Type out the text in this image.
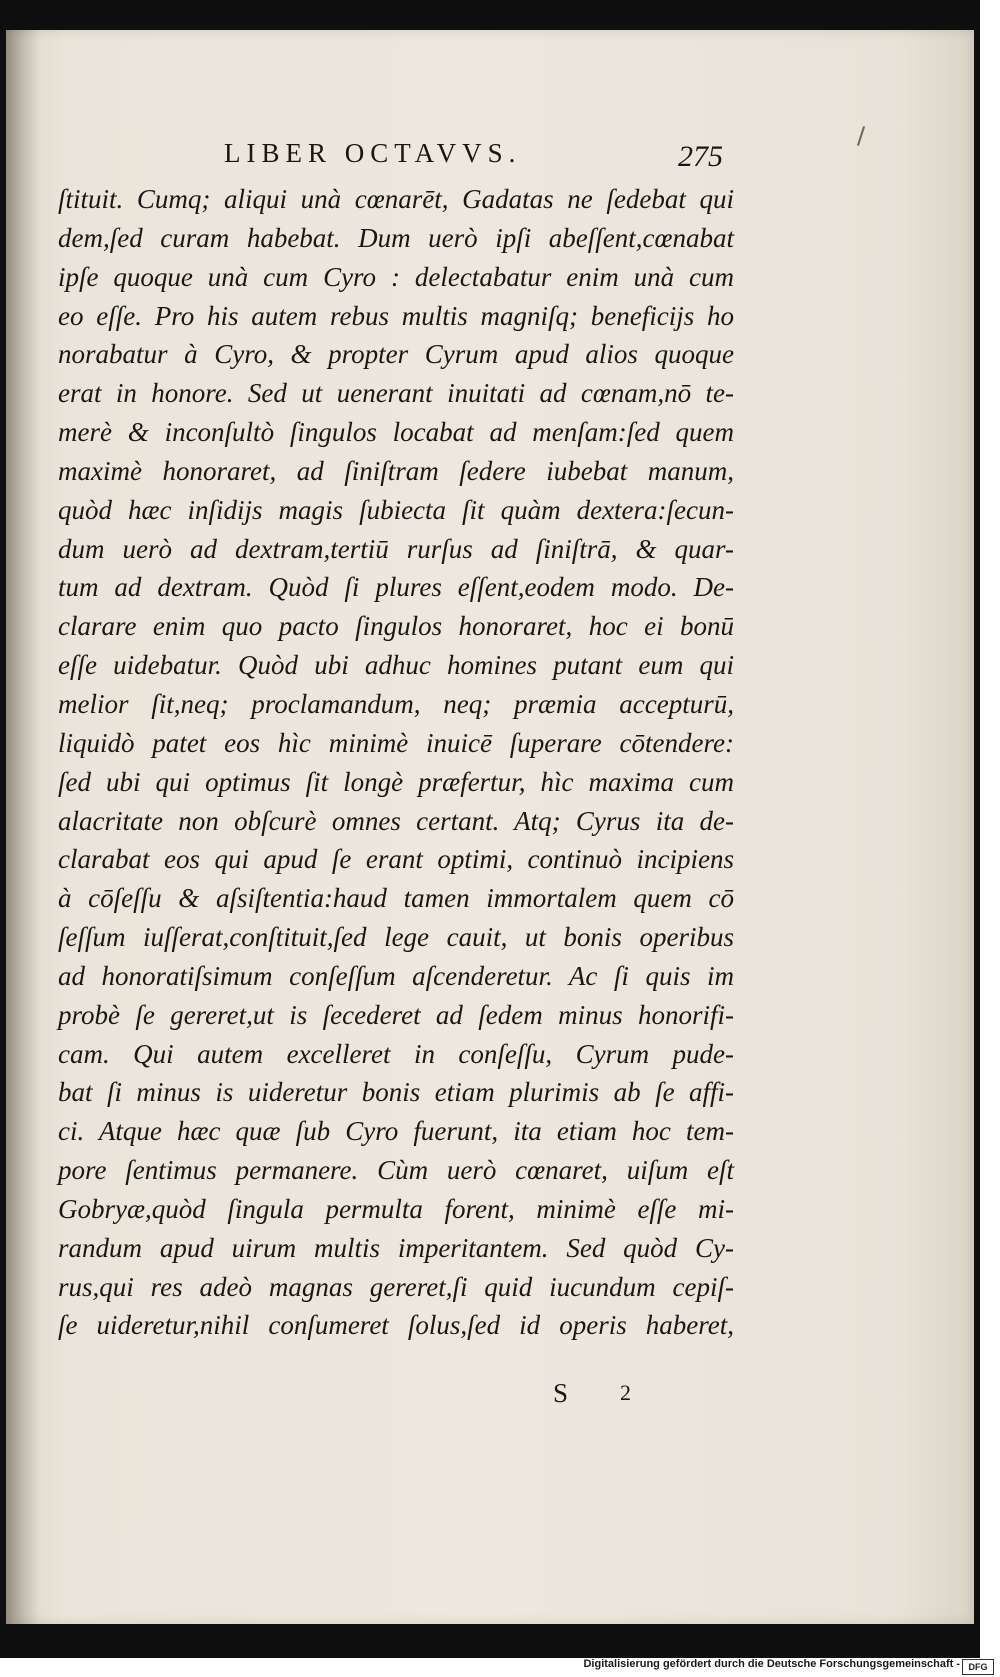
LIBER OCTAVVS.	275
ſtituit. Cumq; aliqui unà cœnarēt, Gadatas ne ſedebat qui
dem,ſed curam habebat. Dum uerò ipſi abeſſent,cœnabat
ipſe quoque unà cum Cyro : delectabatur enim unà cum
eo eſſe. Pro his autem rebus multis magniſq; beneficijs ho
norabatur à Cyro, & propter Cyrum apud alios quoque
erat in honore. Sed ut uenerant inuitati ad cœnam,nō te-
merè & inconſultò ſingulos locabat ad menſam:ſed quem
maximè honoraret, ad ſiniſtram ſedere iubebat manum,
quòd hæc inſidijs magis ſubiecta ſit quàm dextera:ſecun-
dum uerò ad dextram,tertiū rurſus ad ſiniſtrā, & quar-
tum ad dextram. Quòd ſi plures eſſent,eodem modo. De-
clarare enim quo pacto ſingulos honoraret, hoc ei bonū
eſſe uidebatur. Quòd ubi adhuc homines putant eum qui
melior ſit,neq; proclamandum, neq; præmia accepturū,
liquidò patet eos hìc minimè inuicē ſuperare cōtendere:
ſed ubi qui optimus ſit longè præfertur, hìc maxima cum
alacritate non obſcurè omnes certant. Atq; Cyrus ita de-
clarabat eos qui apud ſe erant optimi, continuò incipiens
à cōſeſſu & aſsiſtentia:haud tamen immortalem quem cō
ſeſſum iuſſerat,conſtituit,ſed lege cauit, ut bonis operibus
ad honoratiſsimum conſeſſum aſcenderetur. Ac ſi quis im
probè ſe gereret,ut is ſecederet ad ſedem minus honorifi-
cam. Qui autem excelleret in conſeſſu, Cyrum pude-
bat ſi minus is uideretur bonis etiam plurimis ab ſe affi-
ci. Atque hæc quæ ſub Cyro fuerunt, ita etiam hoc tem-
pore ſentimus permanere. Cùm uerò cœnaret, uiſum eſt
Gobryæ,quòd ſingula permulta forent, minimè eſſe mi-
randum apud uirum multis imperitantem. Sed quòd Cy-
rus,qui res adeò magnas gereret,ſi quid iucundum cepiſ-
ſe uideretur,nihil conſumeret ſolus,ſed id operis haberet,
S 2
Digitalisierung gefördert durch die Deutsche Forschungsgemeinschaft - DFG
